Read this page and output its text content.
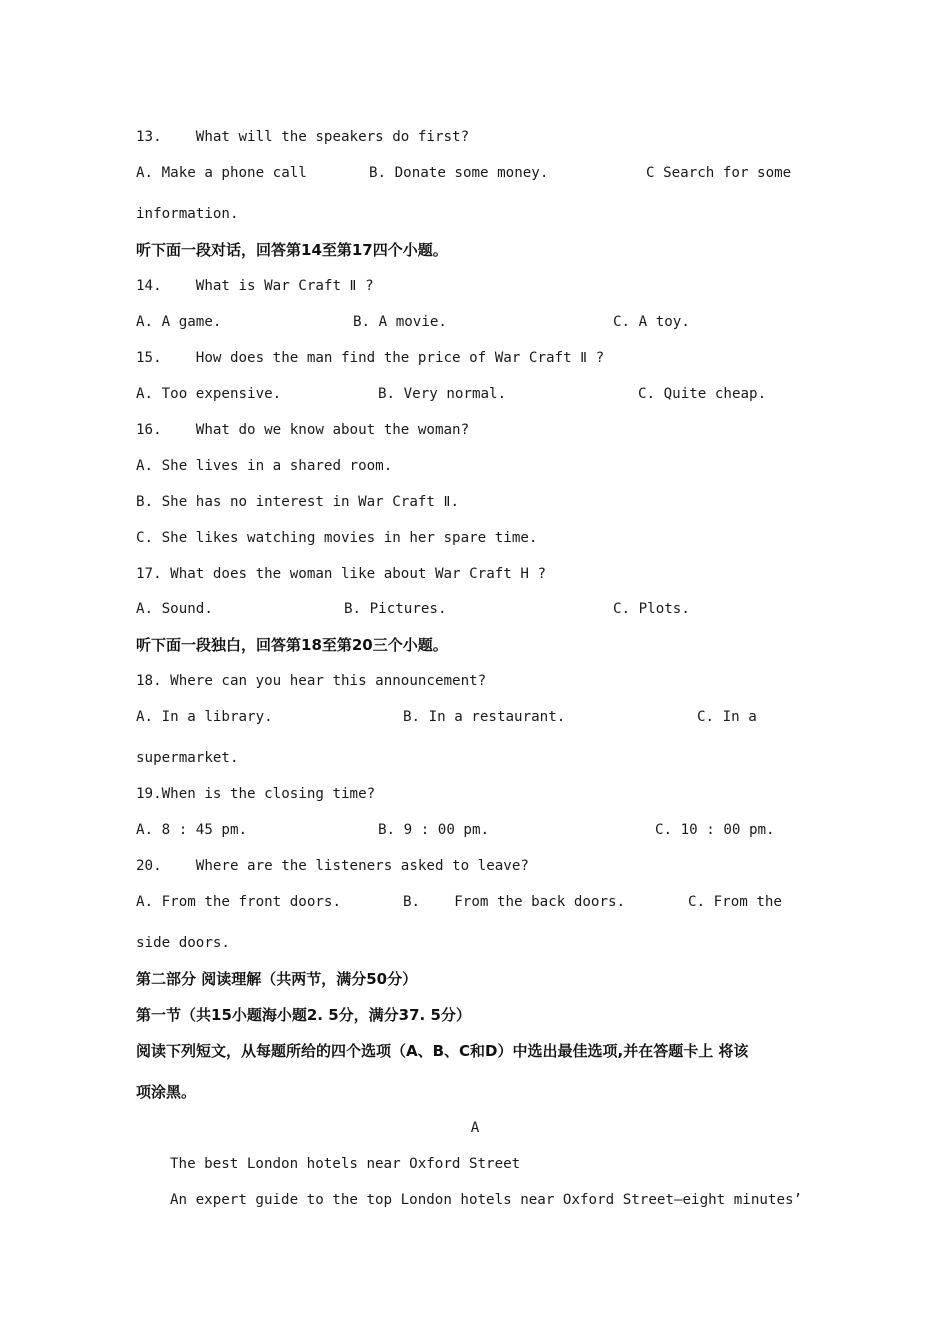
13.    What will the speakers do first?
A. Make a phone call	B. Donate some money.	C Search for some
information.
听下面一段对话，回答第14至第17四个小题。
14.    What is War Craft Ⅱ ?
A. A game.	B. A movie.	C. A toy.
15.    How does the man find the price of War Craft Ⅱ ?
A. Too expensive.	B. Very normal.	C. Quite cheap.
16.    What do we know about the woman?
A. She lives in a shared room.
B. She has no interest in War Craft Ⅱ.
C. She likes watching movies in her spare time.
17. What does the woman like about War Craft H ?
A. Sound.	B. Pictures.	C. Plots.
听下面一段独白，回答第18至第20三个小题。
18. Where can you hear this announcement?
A. In a library.	B. In a restaurant.	C. In a
supermarket.
19.When is the closing time?
A. 8 : 45 pm.	B. 9 : 00 pm.	C. 10 : 00 pm.
20.    Where are the listeners asked to leave?
A. From the front doors.	B.    From the back doors.	C. From the
side doors.
第二部分 阅读理解（共两节，满分50分）
第一节（共15小题海小题2. 5分，满分37. 5分）
阅读下列短文，从每题所给的四个选项（A、B、C和D）中选出最佳选项,并在答题卡上 将该
项涂黑。
A
The best London hotels near Oxford Street
An expert guide to the top London hotels near Oxford Street—eight minutes’
